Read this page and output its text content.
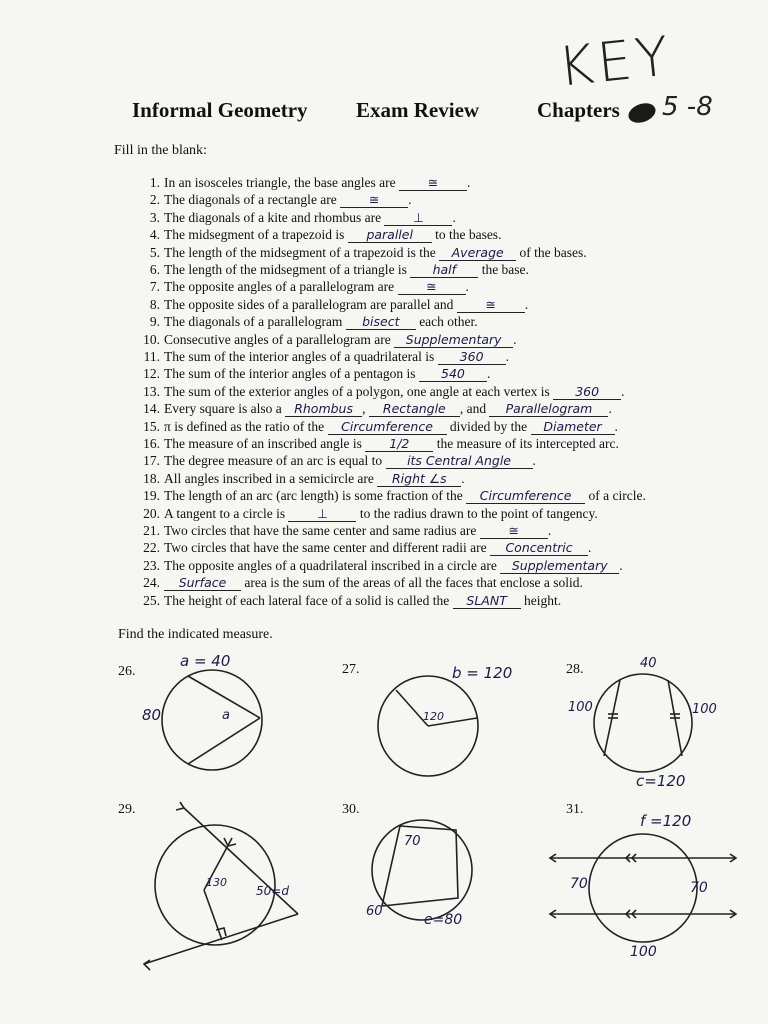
KEY
Informal Geometry Exam Review	Chapters 5 -8
Fill in the blank:
1. In an isosceles triangle, the base angles are ≅ .
2. The diagonals of a rectangle are ≅ .
3. The diagonals of a kite and rhombus are ⊥ .
4. The midsegment of a trapezoid is parallel to the bases.
5. The length of the midsegment of a trapezoid is the Average of the bases.
6. The length of the midsegment of a triangle is half the base.
7. The opposite angles of a parallelogram are ≅ .
8. The opposite sides of a parallelogram are parallel and ≅ .
9. The diagonals of a parallelogram bisect each other.
10. Consecutive angles of a parallelogram are Supplementary .
11. The sum of the interior angles of a quadrilateral is 360 .
12. The sum of the interior angles of a pentagon is 540 .
13. The sum of the exterior angles of a polygon, one angle at each vertex is 360 .
14. Every square is also a Rhombus , Rectangle , and Parallelogram .
15. π is defined as the ratio of the Circumference divided by the Diameter .
16. The measure of an inscribed angle is 1/2 the measure of its intercepted arc.
17. The degree measure of an arc is equal to its Central Angle .
18. All angles inscribed in a semicircle are Right ∠s .
19. The length of an arc (arc length) is some fraction of the Circumference of a circle.
20. A tangent to a circle is ⊥ to the radius drawn to the point of tangency.
21. Two circles that have the same center and same radius are ≅ .
22. Two circles that have the same center and different radii are Concentric .
23. The opposite angles of a quadrilateral inscribed in a circle are Supplementary .
24. Surface area is the sum of the areas of all the faces that enclose a solid.
25. The height of each lateral face of a solid is called the SLANT height.
Find the indicated measure.
26.
a = 40
80	a
27.	b = 120
120
28.	40
100	100
c=120
29.
130
50=d
30.
70
60
e=80
31.
f =120
70	70
100
